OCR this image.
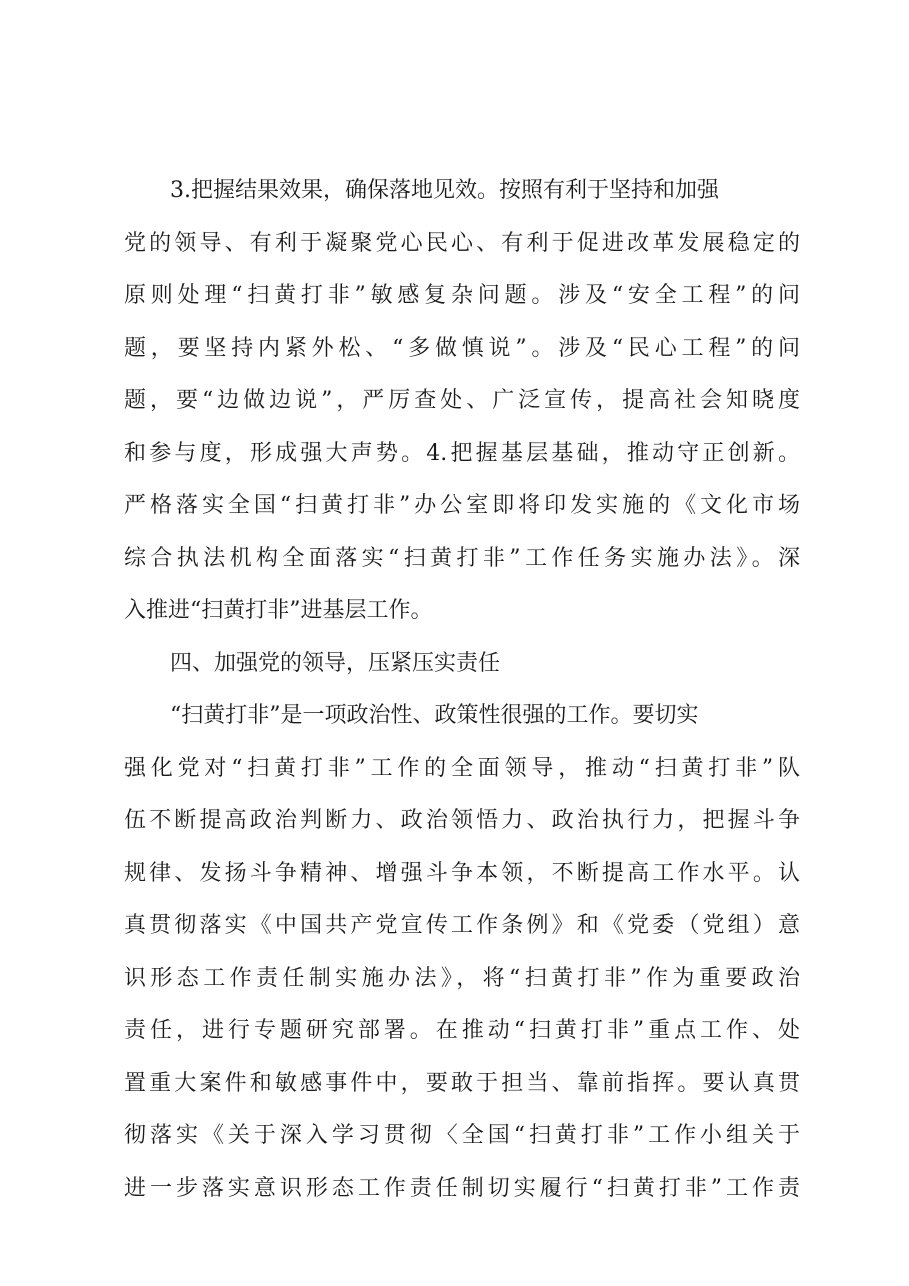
3.把握结果效果，确保落地见效。按照有利于坚持和加强
党的领导、有利于凝聚党心民心、有利于促进改革发展稳定的
原则处理“扫黄打非”敏感复杂问题。涉及“安全工程”的问
题，要坚持内紧外松、“多做慎说”。涉及“民心工程”的问
题，要“边做边说”，严厉查处、广泛宣传，提高社会知晓度
和参与度，形成强大声势。4.把握基层基础，推动守正创新。
严格落实全国“扫黄打非”办公室即将印发实施的《文化市场
综合执法机构全面落实“扫黄打非”工作任务实施办法》。深
入推进“扫黄打非”进基层工作。
四、加强党的领导，压紧压实责任
“扫黄打非”是一项政治性、政策性很强的工作。要切实
强化党对“扫黄打非”工作的全面领导，推动“扫黄打非”队
伍不断提高政治判断力、政治领悟力、政治执行力，把握斗争
规律、发扬斗争精神、增强斗争本领，不断提高工作水平。认
真贯彻落实《中国共产党宣传工作条例》和《党委（党组）意
识形态工作责任制实施办法》，将“扫黄打非”作为重要政治
责任，进行专题研究部署。在推动“扫黄打非”重点工作、处
置重大案件和敏感事件中，要敢于担当、靠前指挥。要认真贯
彻落实《关于深入学习贯彻〈全国“扫黄打非”工作小组关于
进一步落实意识形态工作责任制切实履行“扫黄打非”工作责
